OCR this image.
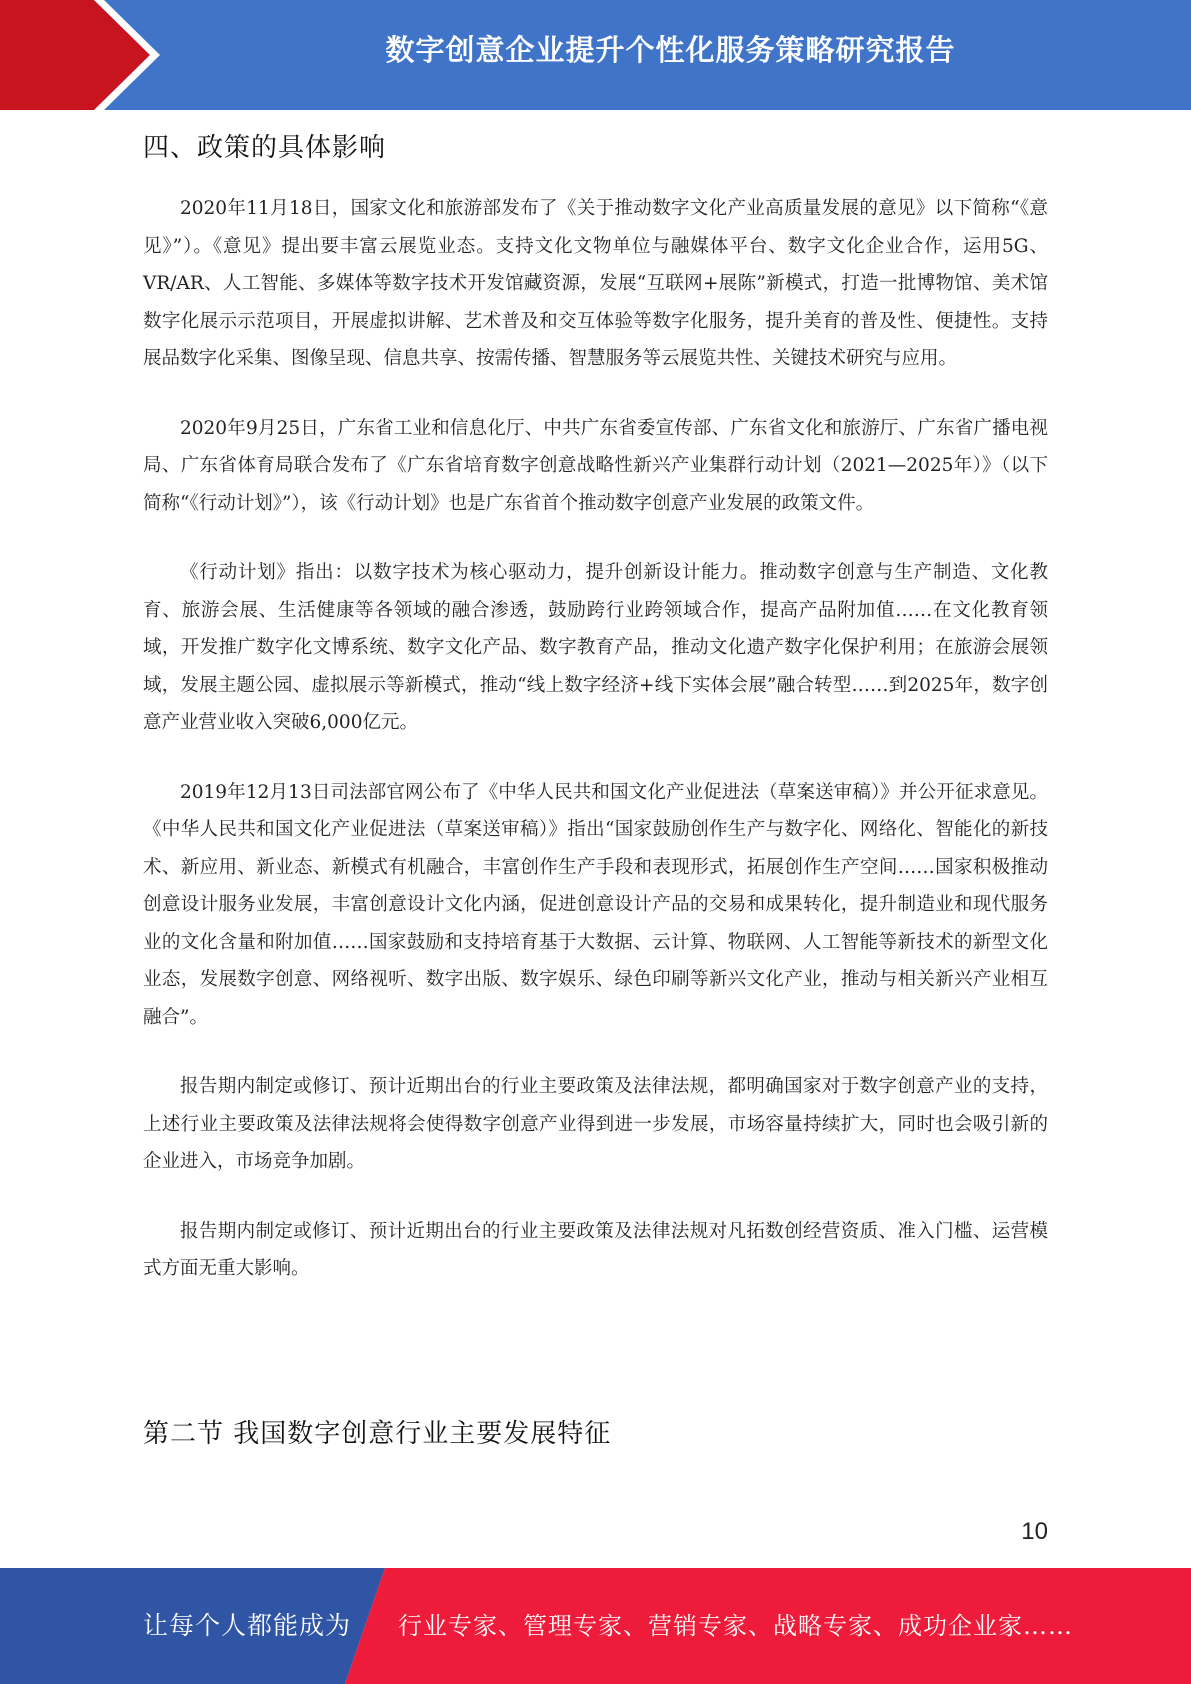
数字创意企业提升个性化服务策略研究报告
四、政策的具体影响

2020年11月18日，国家文化和旅游部发布了《关于推动数字文化产业高质量发展的意见》以下简称“《意见》”）。《意见》提出要丰富云展览业态。支持文化文物单位与融媒体平台、数字文化企业合作，运用5G、VR/AR、人工智能、多媒体等数字技术开发馆藏资源，发展“互联网+展陈”新模式，打造一批博物馆、美术馆数字化展示示范项目，开展虚拟讲解、艺术普及和交互体验等数字化服务，提升美育的普及性、便捷性。支持展品数字化采集、图像呈现、信息共享、按需传播、智慧服务等云展览共性、关键技术研究与应用。

2020年9月25日，广东省工业和信息化厅、中共广东省委宣传部、广东省文化和旅游厅、广东省广播电视局、广东省体育局联合发布了《广东省培育数字创意战略性新兴产业集群行动计划（2021—2025年）》（以下简称“《行动计划》”），该《行动计划》也是广东省首个推动数字创意产业发展的政策文件。

《行动计划》指出：以数字技术为核心驱动力，提升创新设计能力。推动数字创意与生产制造、文化教育、旅游会展、生活健康等各领域的融合渗透，鼓励跨行业跨领域合作，提高产品附加值……在文化教育领域，开发推广数字化文博系统、数字文化产品、数字教育产品，推动文化遗产数字化保护利用；在旅游会展领域，发展主题公园、虚拟展示等新模式，推动“线上数字经济+线下实体会展”融合转型……到2025年，数字创意产业营业收入突破6,000亿元。

2019年12月13日司法部官网公布了《中华人民共和国文化产业促进法（草案送审稿）》并公开征求意见。《中华人民共和国文化产业促进法（草案送审稿）》指出“国家鼓励创作生产与数字化、网络化、智能化的新技术、新应用、新业态、新模式有机融合，丰富创作生产手段和表现形式，拓展创作生产空间……国家积极推动创意设计服务业发展，丰富创意设计文化内涵，促进创意设计产品的交易和成果转化，提升制造业和现代服务业的文化含量和附加值……国家鼓励和支持培育基于大数据、云计算、物联网、人工智能等新技术的新型文化业态，发展数字创意、网络视听、数字出版、数字娱乐、绿色印刷等新兴文化产业，推动与相关新兴产业相互融合”。

报告期内制定或修订、预计近期出台的行业主要政策及法律法规，都明确国家对于数字创意产业的支持，上述行业主要政策及法律法规将会使得数字创意产业得到进一步发展，市场容量持续扩大，同时也会吸引新的企业进入，市场竞争加剧。

报告期内制定或修订、预计近期出台的行业主要政策及法律法规对凡拓数创经营资质、准入门槛、运营模式方面无重大影响。

第二节 我国数字创意行业主要发展特征
10
让每个人都能成为 行业专家、管理专家、营销专家、战略专家、成功企业家……
